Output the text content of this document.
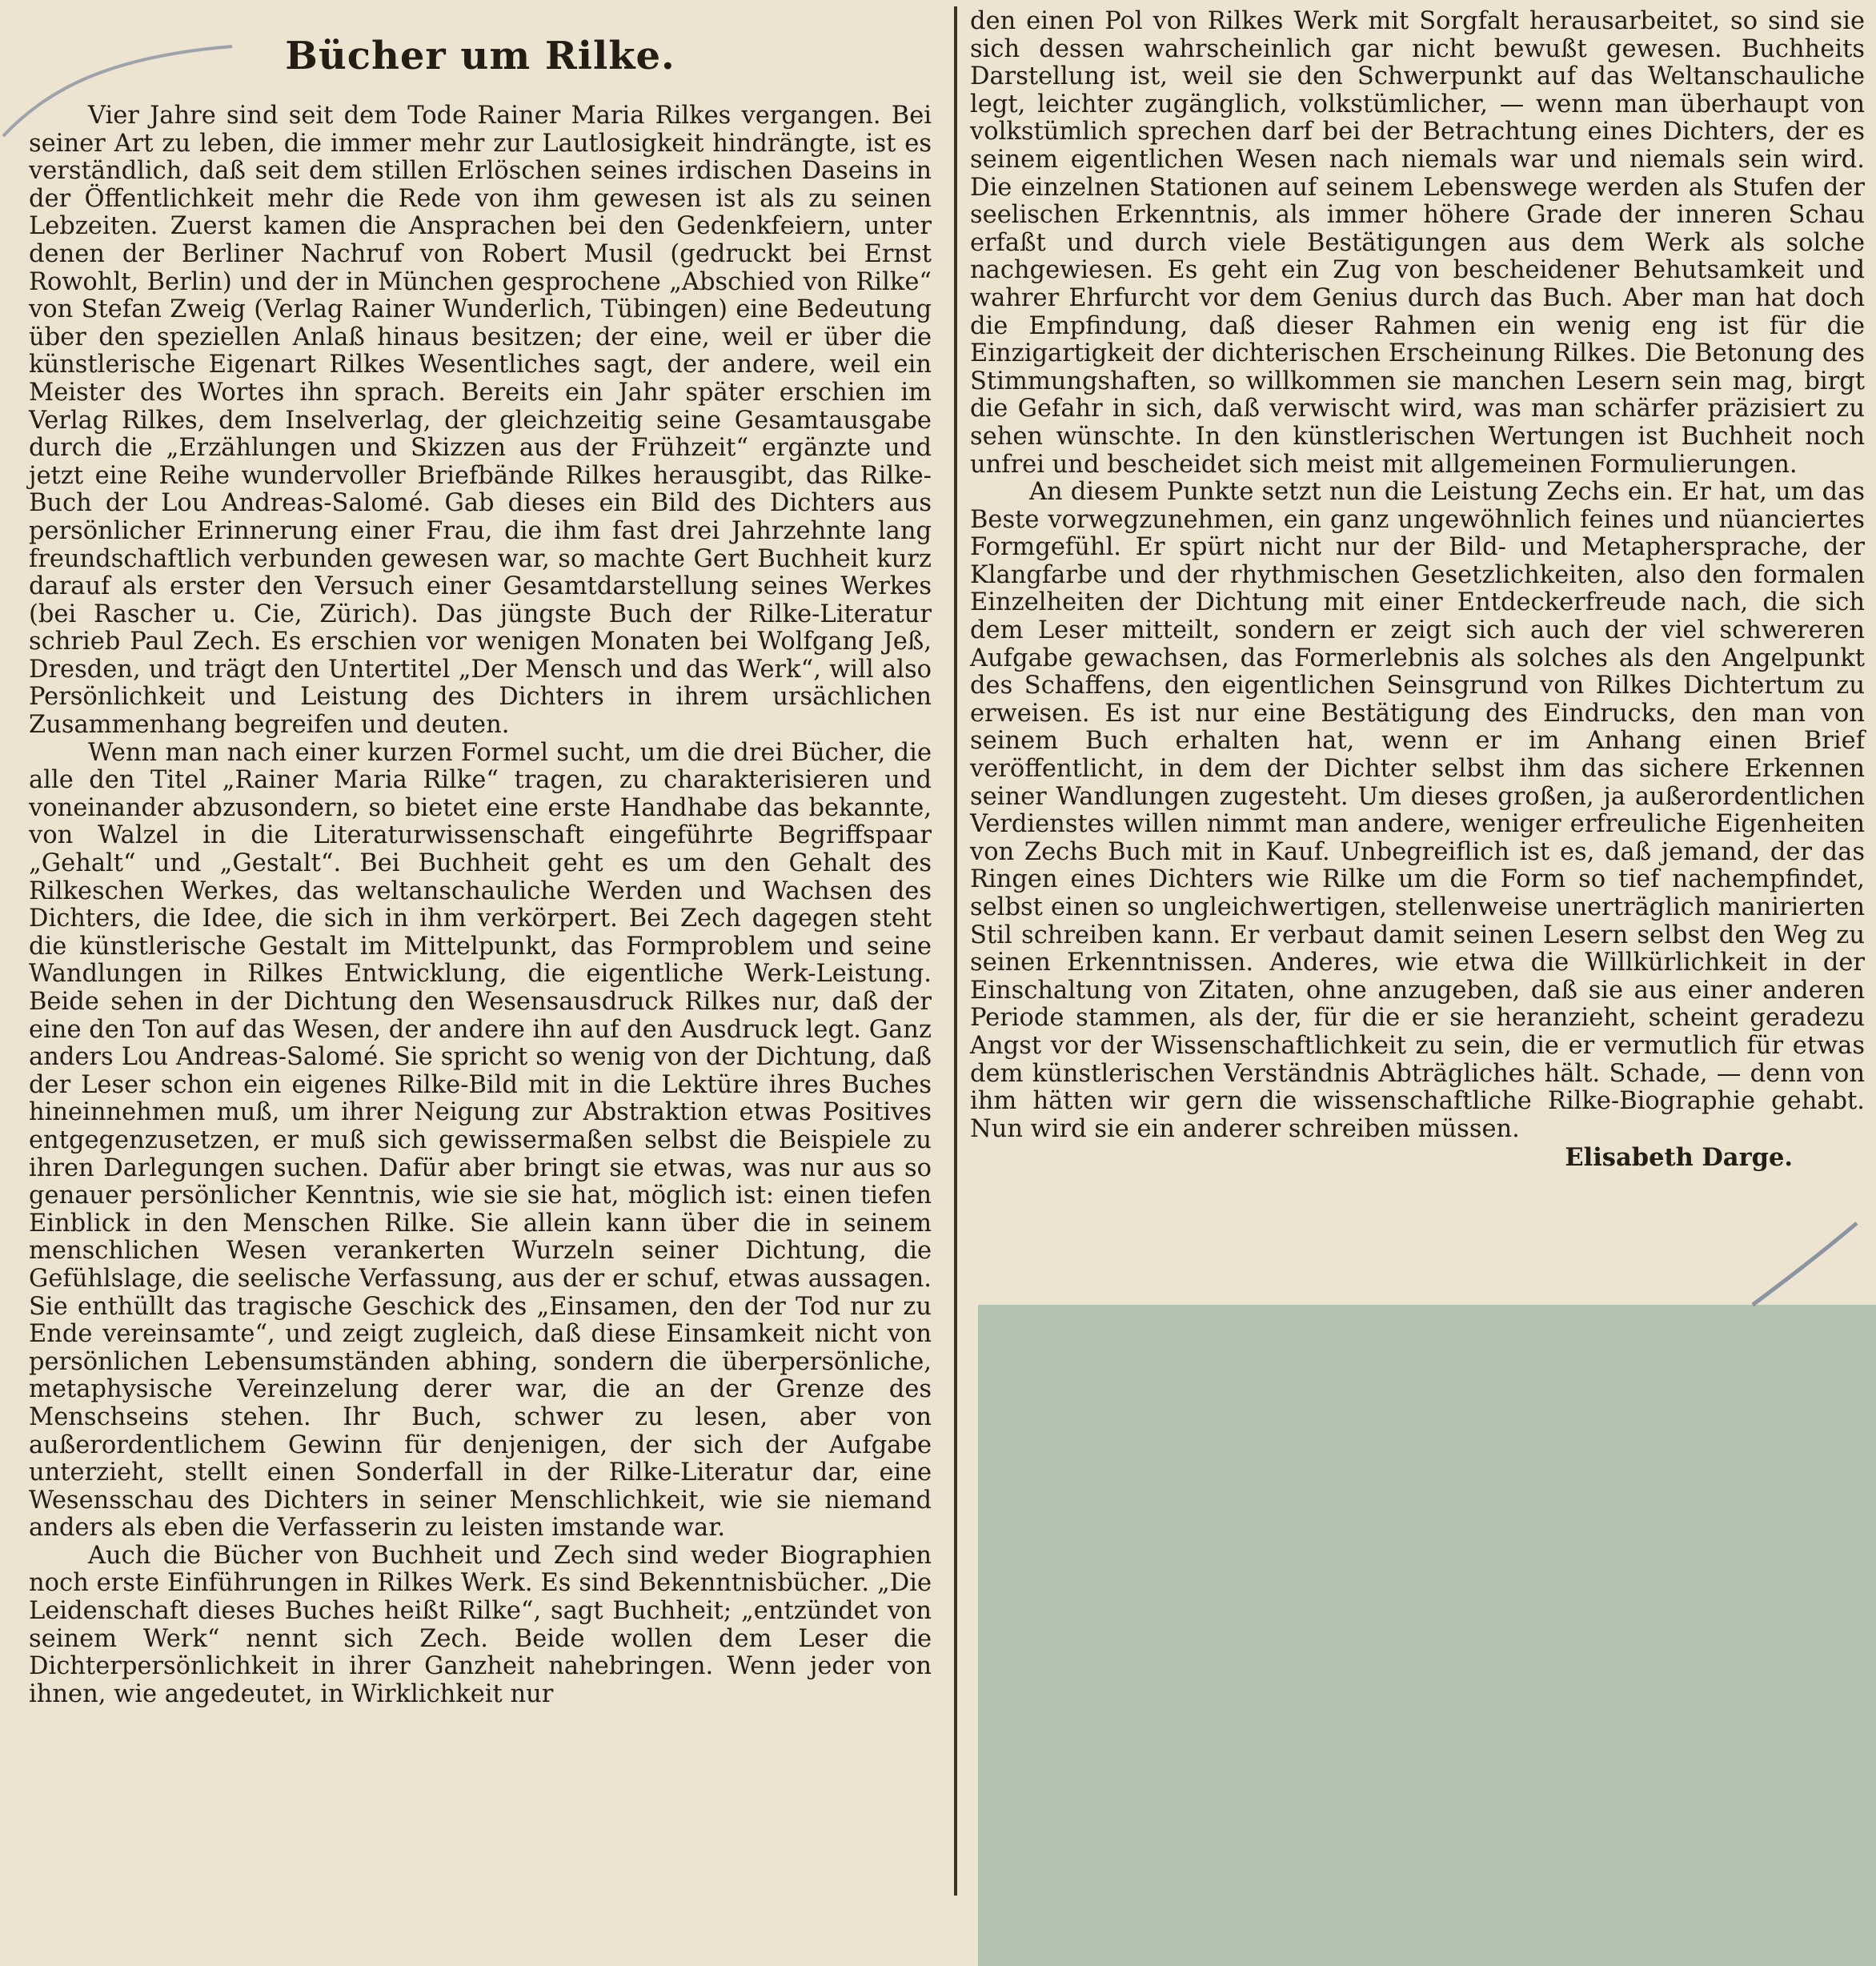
Bücher um Rilke.

Vier Jahre sind seit dem Tode Rainer Maria Rilkes vergangen. Bei seiner Art zu leben, die immer mehr zur Lautlosigkeit hindrängte, ist es verständlich, daß seit dem stillen Erlöschen seines irdischen Daseins in der Öffentlichkeit mehr die Rede von ihm gewesen ist als zu seinen Lebzeiten. Zuerst kamen die Ansprachen bei den Gedenkfeiern, unter denen der Berliner Nachruf von Robert Musil (gedruckt bei Ernst Rowohlt, Berlin) und der in München gesprochene „Abschied von Rilke“ von Stefan Zweig (Verlag Rainer Wunderlich, Tübingen) eine Bedeutung über den speziellen Anlaß hinaus besitzen; der eine, weil er über die künstlerische Eigenart Rilkes Wesentliches sagt, der andere, weil ein Meister des Wortes ihn sprach. Bereits ein Jahr später erschien im Verlag Rilkes, dem Inselverlag, der gleichzeitig seine Gesamtausgabe durch die „Erzählungen und Skizzen aus der Frühzeit“ ergänzte und jetzt eine Reihe wundervoller Briefbände Rilkes herausgibt, das Rilke-Buch der Lou Andreas-Salomé. Gab dieses ein Bild des Dichters aus persönlicher Erinnerung einer Frau, die ihm fast drei Jahrzehnte lang freundschaftlich verbunden gewesen war, so machte Gert Buchheit kurz darauf als erster den Versuch einer Gesamtdarstellung seines Werkes (bei Rascher u. Cie, Zürich). Das jüngste Buch der Rilke-Literatur schrieb Paul Zech. Es erschien vor wenigen Monaten bei Wolfgang Jeß, Dresden, und trägt den Untertitel „Der Mensch und das Werk“, will also Persönlichkeit und Leistung des Dichters in ihrem ursächlichen Zusammenhang begreifen und deuten.

Wenn man nach einer kurzen Formel sucht, um die drei Bücher, die alle den Titel „Rainer Maria Rilke“ tragen, zu charakterisieren und voneinander abzusondern, so bietet eine erste Handhabe das bekannte, von Walzel in die Literaturwissenschaft eingeführte Begriffspaar „Gehalt“ und „Gestalt“. Bei Buchheit geht es um den Gehalt des Rilkeschen Werkes, das weltanschauliche Werden und Wachsen des Dichters, die Idee, die sich in ihm verkörpert. Bei Zech dagegen steht die künstlerische Gestalt im Mittelpunkt, das Formproblem und seine Wandlungen in Rilkes Entwicklung, die eigentliche Werk-Leistung. Beide sehen in der Dichtung den Wesensausdruck Rilkes nur, daß der eine den Ton auf das Wesen, der andere ihn auf den Ausdruck legt. Ganz anders Lou Andreas-Salomé. Sie spricht so wenig von der Dichtung, daß der Leser schon ein eigenes Rilke-Bild mit in die Lektüre ihres Buches hineinnehmen muß, um ihrer Neigung zur Abstraktion etwas Positives entgegenzusetzen, er muß sich gewissermaßen selbst die Beispiele zu ihren Darlegungen suchen. Dafür aber bringt sie etwas, was nur aus so genauer persönlicher Kenntnis, wie sie sie hat, möglich ist: einen tiefen Einblick in den Menschen Rilke. Sie allein kann über die in seinem menschlichen Wesen verankerten Wurzeln seiner Dichtung, die Gefühlslage, die seelische Verfassung, aus der er schuf, etwas aussagen. Sie enthüllt das tragische Geschick des „Einsamen, den der Tod nur zu Ende vereinsamte“, und zeigt zugleich, daß diese Einsamkeit nicht von persönlichen Lebensumständen abhing, sondern die überpersönliche, metaphysische Vereinzelung derer war, die an der Grenze des Menschseins stehen. Ihr Buch, schwer zu lesen, aber von außerordentlichem Gewinn für denjenigen, der sich der Aufgabe unterzieht, stellt einen Sonderfall in der Rilke-Literatur dar, eine Wesensschau des Dichters in seiner Menschlichkeit, wie sie niemand anders als eben die Verfasserin zu leisten imstande war.

Auch die Bücher von Buchheit und Zech sind weder Biographien noch erste Einführungen in Rilkes Werk. Es sind Bekenntnisbücher. „Die Leidenschaft dieses Buches heißt Rilke“, sagt Buchheit; „entzündet von seinem Werk“ nennt sich Zech. Beide wollen dem Leser die Dichterpersönlichkeit in ihrer Ganzheit nahebringen. Wenn jeder von ihnen, wie angedeutet, in Wirklichkeit nur

den einen Pol von Rilkes Werk mit Sorgfalt herausarbeitet, so sind sie sich dessen wahrscheinlich gar nicht bewußt gewesen. Buchheits Darstellung ist, weil sie den Schwerpunkt auf das Weltanschauliche legt, leichter zugänglich, volkstümlicher, — wenn man überhaupt von volkstümlich sprechen darf bei der Betrachtung eines Dichters, der es seinem eigentlichen Wesen nach niemals war und niemals sein wird. Die einzelnen Stationen auf seinem Lebenswege werden als Stufen der seelischen Erkenntnis, als immer höhere Grade der inneren Schau erfaßt und durch viele Bestätigungen aus dem Werk als solche nachgewiesen. Es geht ein Zug von bescheidener Behutsamkeit und wahrer Ehrfurcht vor dem Genius durch das Buch. Aber man hat doch die Empfindung, daß dieser Rahmen ein wenig eng ist für die Einzigartigkeit der dichterischen Erscheinung Rilkes. Die Betonung des Stimmungshaften, so willkommen sie manchen Lesern sein mag, birgt die Gefahr in sich, daß verwischt wird, was man schärfer präzisiert zu sehen wünschte. In den künstlerischen Wertungen ist Buchheit noch unfrei und bescheidet sich meist mit allgemeinen Formulierungen.

An diesem Punkte setzt nun die Leistung Zechs ein. Er hat, um das Beste vorwegzunehmen, ein ganz ungewöhnlich feines und nüanciertes Formgefühl. Er spürt nicht nur der Bild- und Metaphersprache, der Klangfarbe und der rhythmischen Gesetzlichkeiten, also den formalen Einzelheiten der Dichtung mit einer Entdeckerfreude nach, die sich dem Leser mitteilt, sondern er zeigt sich auch der viel schwereren Aufgabe gewachsen, das Formerlebnis als solches als den Angelpunkt des Schaffens, den eigentlichen Seinsgrund von Rilkes Dichtertum zu erweisen. Es ist nur eine Bestätigung des Eindrucks, den man von seinem Buch erhalten hat, wenn er im Anhang einen Brief veröffentlicht, in dem der Dichter selbst ihm das sichere Erkennen seiner Wandlungen zugesteht. Um dieses großen, ja außerordentlichen Verdienstes willen nimmt man andere, weniger erfreuliche Eigenheiten von Zechs Buch mit in Kauf. Unbegreiflich ist es, daß jemand, der das Ringen eines Dichters wie Rilke um die Form so tief nachempfindet, selbst einen so ungleichwertigen, stellenweise unerträglich manirierten Stil schreiben kann. Er verbaut damit seinen Lesern selbst den Weg zu seinen Erkenntnissen. Anderes, wie etwa die Willkürlichkeit in der Einschaltung von Zitaten, ohne anzugeben, daß sie aus einer anderen Periode stammen, als der, für die er sie heranzieht, scheint geradezu Angst vor der Wissenschaftlichkeit zu sein, die er vermutlich für etwas dem künstlerischen Verständnis Abträgliches hält. Schade, — denn von ihm hätten wir gern die wissenschaftliche Rilke-Biographie gehabt. Nun wird sie ein anderer schreiben müssen.

Elisabeth Darge.
